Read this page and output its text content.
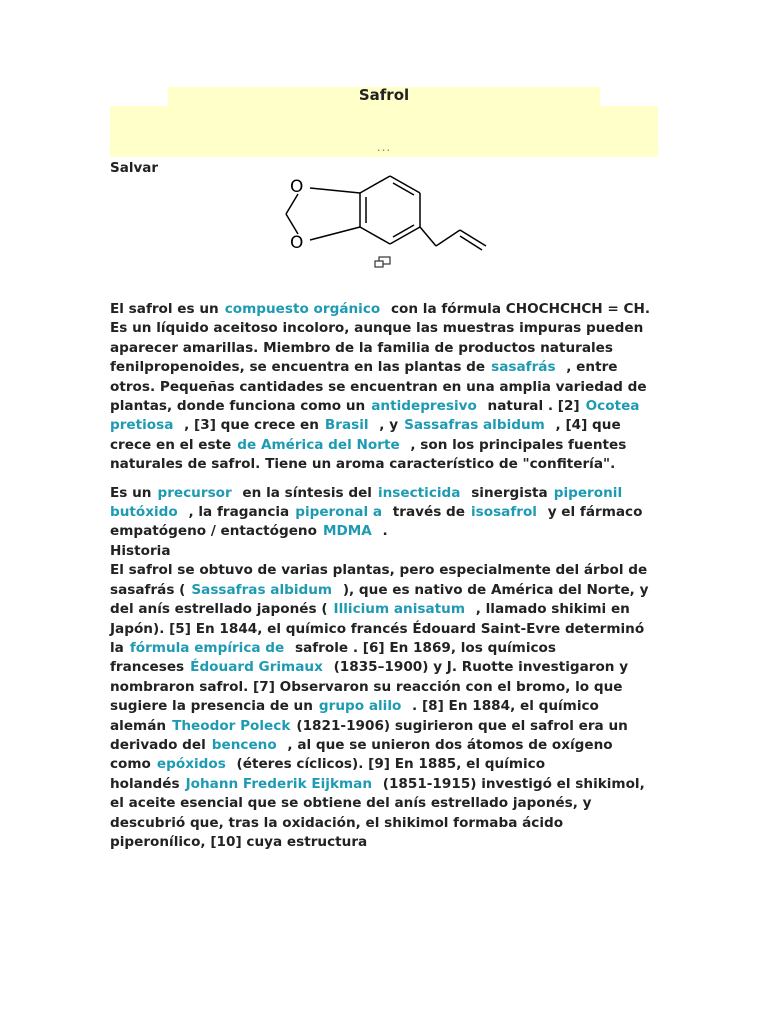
Safrol
...
Salvar
O
O

El safrol es un compuesto orgánico con la fórmula CHOCHCHCH = CH. Es un líquido aceitoso incoloro, aunque las muestras impuras pueden aparecer amarillas. Miembro de la familia de productos naturales fenilpropenoides, se encuentra en las plantas de sasafrás , entre otros. Pequeñas cantidades se encuentran en una amplia variedad de plantas, donde funciona como un antidepresivo natural . [2] Ocotea pretiosa , [3] que crece en Brasil , y Sassafras albidum , [4] que crece en el este de América del Norte , son los principales fuentes naturales de safrol. Tiene un aroma característico de "confitería".

Es un precursor en la síntesis del insecticida sinergista piperonil butóxido , la fragancia piperonal a través de isosafrol y el fármaco empatógeno / entactógeno MDMA .

Historia

El safrol se obtuvo de varias plantas, pero especialmente del árbol de sasafrás ( Sassafras albidum ), que es nativo de América del Norte, y del anís estrellado japonés ( Illicium anisatum , llamado shikimi en Japón). [5] En 1844, el químico francés Édouard Saint-Evre determinó la fórmula empírica de safrole . [6] En 1869, los químicos franceses Édouard Grimaux (1835–1900) y J. Ruotte investigaron y nombraron safrol. [7] Observaron su reacción con el bromo, lo que sugiere la presencia de un grupo alilo . [8] En 1884, el químico alemán Theodor Poleck (1821-1906) sugirieron que el safrol era un derivado del benceno , al que se unieron dos átomos de oxígeno como epóxidos (éteres cíclicos). [9] En 1885, el químico holandés Johann Frederik Eijkman (1851-1915) investigó el shikimol, el aceite esencial que se obtiene del anís estrellado japonés, y descubrió que, tras la oxidación, el shikimol formaba ácido piperonílico, [10] cuya estructura
